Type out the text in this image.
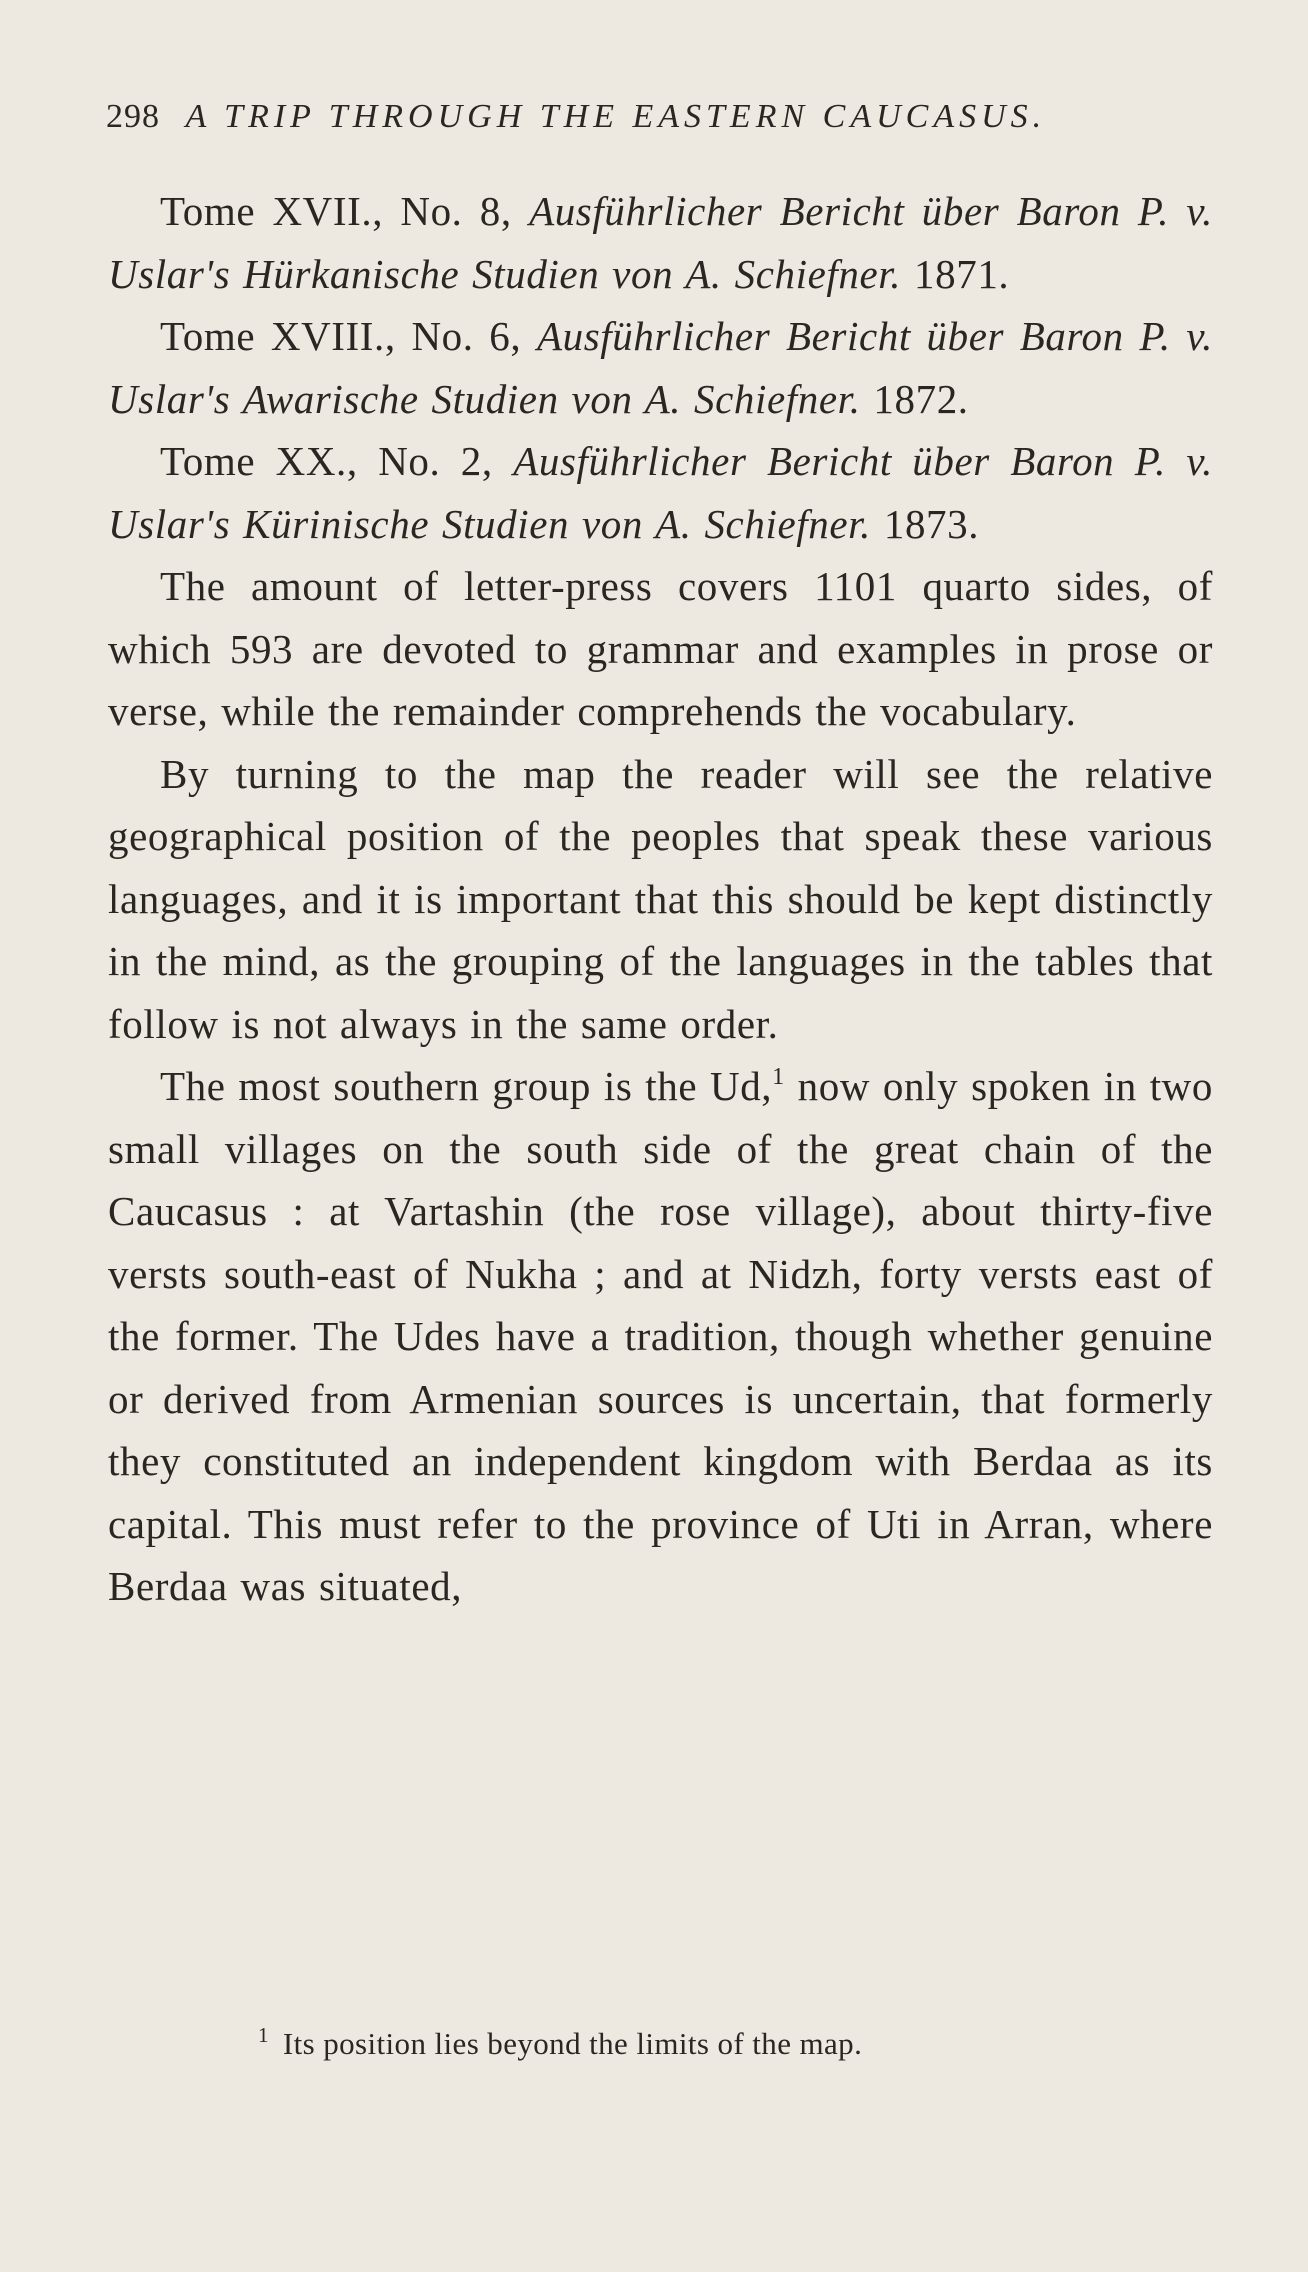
298 A TRIP THROUGH THE EASTERN CAUCASUS.

Tome XVII., No. 8, Ausführlicher Bericht über Baron P. v. Uslar's Hürkanische Studien von A. Schiefner. 1871.

Tome XVIII., No. 6, Ausführlicher Bericht über Baron P. v. Uslar's Awarische Studien von A. Schiefner. 1872.

Tome XX., No. 2, Ausführlicher Bericht über Baron P. v. Uslar's Kürinische Studien von A. Schiefner. 1873.

The amount of letter-press covers 1101 quarto sides, of which 593 are devoted to grammar and examples in prose or verse, while the remainder comprehends the vocabulary.

By turning to the map the reader will see the relative geographical position of the peoples that speak these various languages, and it is important that this should be kept distinctly in the mind, as the grouping of the languages in the tables that follow is not always in the same order.

The most southern group is the Ud,$^1$ now only spoken in two small villages on the south side of the great chain of the Caucasus : at Vartashin (the rose village), about thirty-five versts south-east of Nukha ; and at Nidzh, forty versts east of the former. The Udes have a tradition, though whether genuine or derived from Armenian sources is uncertain, that formerly they constituted an independent kingdom with Berdaa as its capital. This must refer to the province of Uti in Arran, where Berdaa was situated,

$^1$ Its position lies beyond the limits of the map.
